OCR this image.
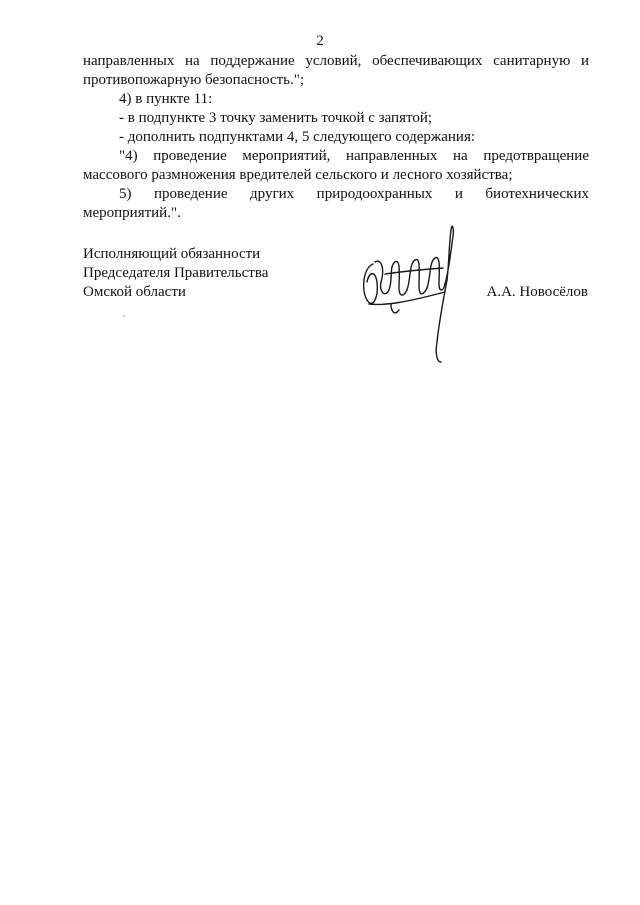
2

направленных на поддержание условий, обеспечивающих санитарную и противопожарную безопасность.";

4) в пункте 11:

- в подпункте 3 точку заменить точкой с запятой;

- дополнить подпунктами 4, 5 следующего содержания:

"4) проведение мероприятий, направленных на предотвращение массового размножения вредителей сельского и лесного хозяйства;

5) проведение других природоохранных и биотехнических мероприятий.".

Исполняющий обязанности
Председателя Правительства
Омской области	А.А. Новосёлов
